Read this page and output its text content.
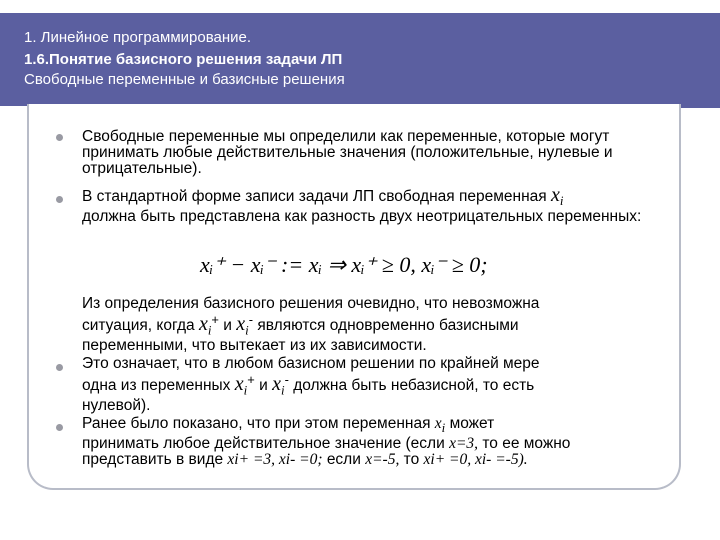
1. Линейное программирование.
1.6.Понятие базисного решения задачи ЛП
Свободные переменные и базисные решения
Свободные переменные мы определили как переменные, которые могут принимать любые действительные значения (положительные, нулевые и отрицательные).
В стандартной форме записи задачи ЛП свободная переменная $x_i$
должна быть представлена как разность двух неотрицательных переменных:
xᵢ⁺ − xᵢ⁻ := xᵢ ⇒ xᵢ⁺ ≥ 0, xᵢ⁻ ≥ 0;
Из определения базисного решения очевидно, что невозможна
ситуация, когда $x_i^+$ и $x_i^-$ являются одновременно базисными
переменными, что вытекает из их зависимости.
Это означает, что в любом базисном решении по крайней мере
одна из переменных $x_i^+$ и $x_i^-$ должна быть небазисной, то есть
нулевой).
Ранее было показано, что при этом переменная $x_i$ может
принимать любое действительное значение (если x=3, то ее можно
представить в виде xi+ =3, xi- =0; если x=-5, то xi+ =0, xi- =-5).
